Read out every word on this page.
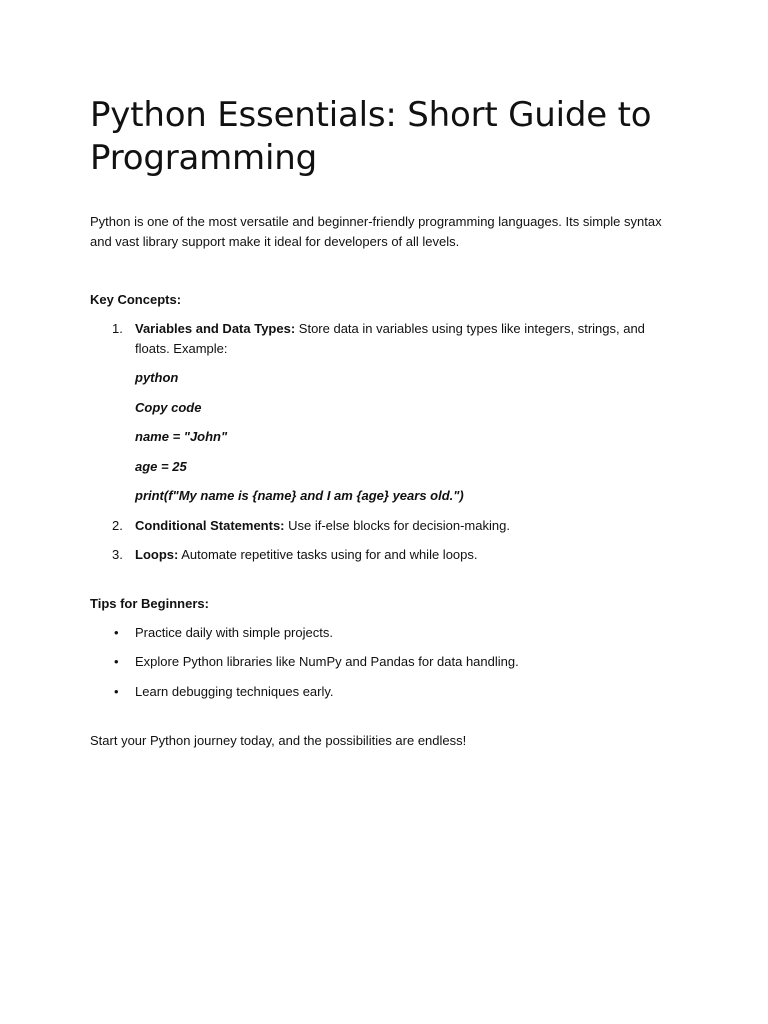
Python Essentials: Short Guide to Programming

Python is one of the most versatile and beginner-friendly programming languages. Its simple syntax and vast library support make it ideal for developers of all levels.

Key Concepts:
1. Variables and Data Types: Store data in variables using types like integers, strings, and floats. Example:
python
Copy code
name = "John"
age = 25
print(f"My name is {name} and I am {age} years old.")
2. Conditional Statements: Use if-else blocks for decision-making.
3. Loops: Automate repetitive tasks using for and while loops.
Tips for Beginners:
• Practice daily with simple projects.
• Explore Python libraries like NumPy and Pandas for data handling.
• Learn debugging techniques early.

Start your Python journey today, and the possibilities are endless!
